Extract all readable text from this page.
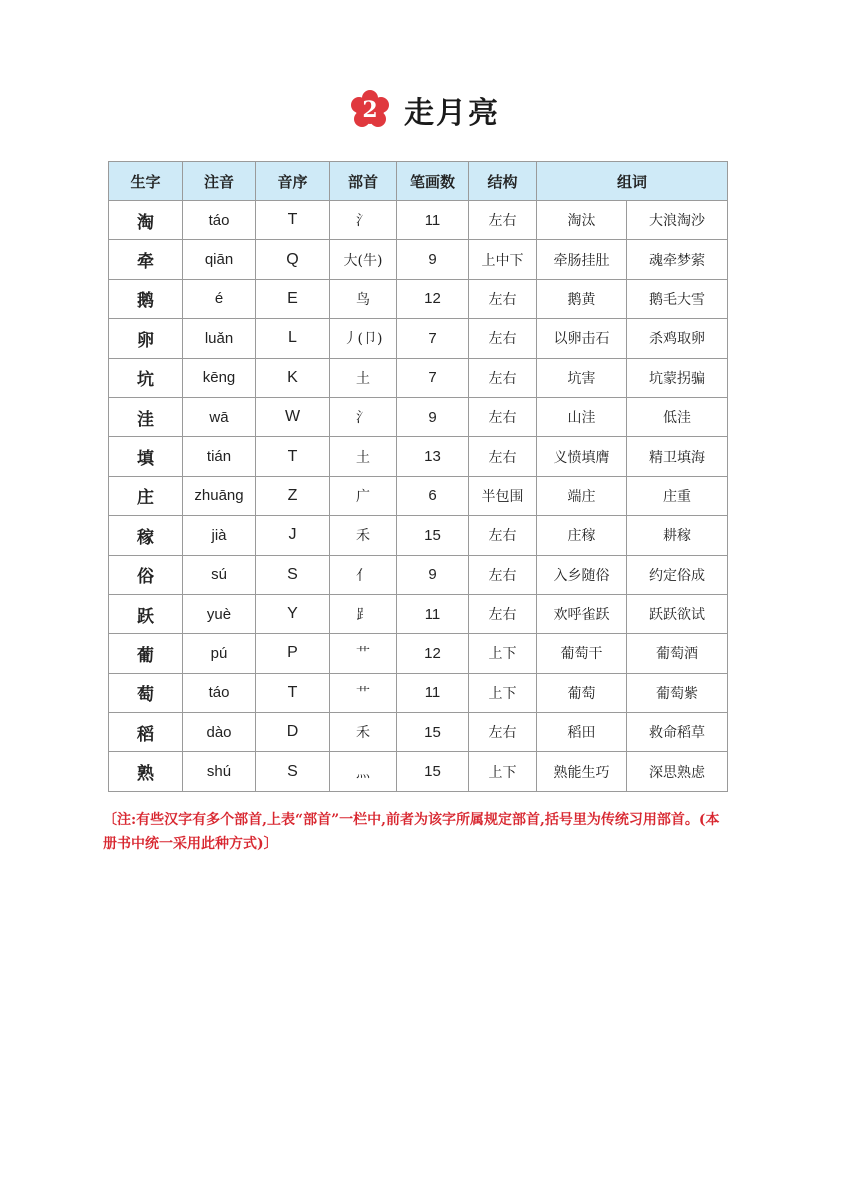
2 走月亮
生字	注音	音序	部首	笔画数	结构	组词	
淘	táo	T	氵	11	左右	淘汰	大浪淘沙
牵	qiān	Q	大(牛)	9	上中下	牵肠挂肚	魂牵梦萦
鹅	é	E	鸟	12	左右	鹅黄	鹅毛大雪
卵	luǎn	L	丿(卩)	7	左右	以卵击石	杀鸡取卵
坑	kēng	K	土	7	左右	坑害	坑蒙拐骗
洼	wā	W	氵	9	左右	山洼	低洼
填	tián	T	土	13	左右	义愤填膺	精卫填海
庄	zhuāng	Z	广	6	半包围	端庄	庄重
稼	jià	J	禾	15	左右	庄稼	耕稼
俗	sú	S	亻	9	左右	入乡随俗	约定俗成
跃	yuè	Y	⻊	11	左右	欢呼雀跃	跃跃欲试
葡	pú	P	艹	12	上下	葡萄干	葡萄酒
萄	táo	T	艹	11	上下	葡萄	葡萄紫
稻	dào	D	禾	15	左右	稻田	救命稻草
熟	shú	S	灬	15	上下	熟能生巧	深思熟虑
〔注:有些汉字有多个部首,上表“部首”一栏中,前者为该字所属规定部首,括号里为传统习用部首。(本册书中统一采用此种方式)〕
